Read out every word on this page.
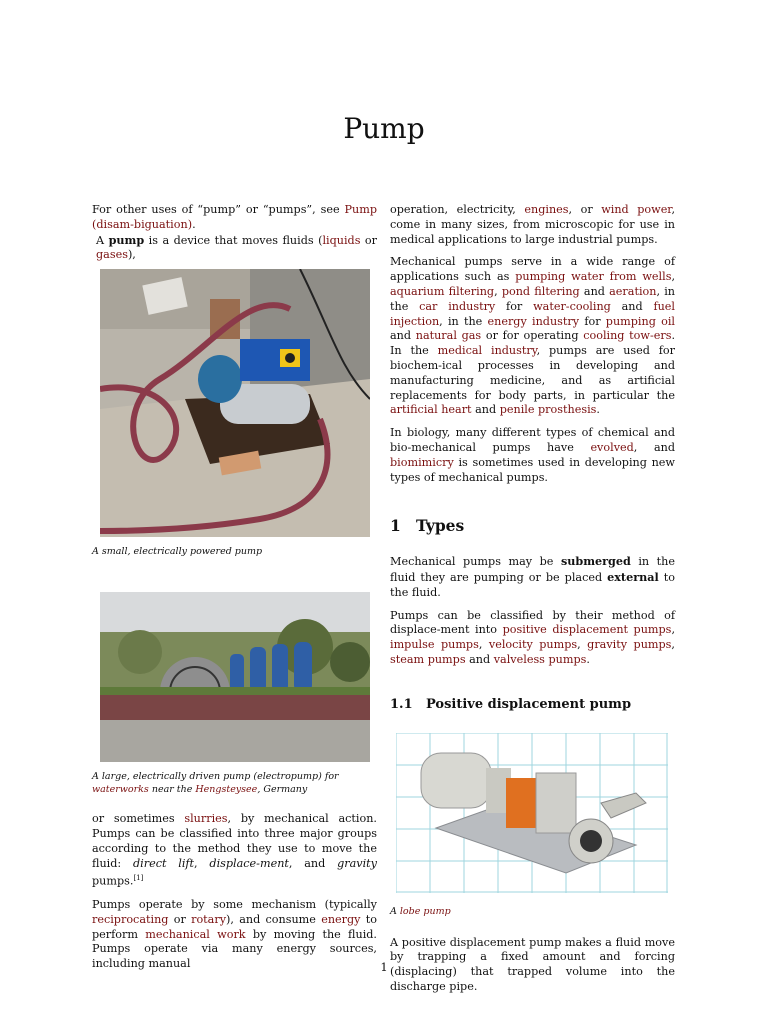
Pump

For other uses of “pump” or “pumps”, see Pump (disam-biguation).

A pump is a device that moves fluids (liquids or gases),

A small, electrically powered pump

A large, electrically driven pump (electropump) for waterworks near the Hengsteysee, Germany

or sometimes slurries, by mechanical action. Pumps can be classified into three major groups according to the method they use to move the fluid: direct lift, displace-ment, and gravity pumps.[1]

Pumps operate by some mechanism (typically reciprocating or rotary), and consume energy to perform mechanical work by moving the fluid. Pumps operate via many energy sources, including manual

operation, electricity, engines, or wind power, come in many sizes, from microscopic for use in medical applications to large industrial pumps.

Mechanical pumps serve in a wide range of applications such as pumping water from wells, aquarium filtering, pond filtering and aeration, in the car industry for water-cooling and fuel injection, in the energy industry for pumping oil and natural gas or for operating cooling tow-ers. In the medical industry, pumps are used for biochem-ical processes in developing and manufacturing medicine, and as artificial replacements for body parts, in particular the artificial heart and penile prosthesis.

In biology, many different types of chemical and bio-mechanical pumps have evolved, and biomimicry is sometimes used in developing new types of mechanical pumps.

1 Types

Mechanical pumps may be submerged in the fluid they are pumping or be placed external to the fluid.

Pumps can be classified by their method of displace-ment into positive displacement pumps, impulse pumps, velocity pumps, gravity pumps, steam pumps and valveless pumps.

1.1 Positive displacement pump

A lobe pump

A positive displacement pump makes a fluid move by trapping a fixed amount and forcing (displacing) that trapped volume into the discharge pipe.

1
